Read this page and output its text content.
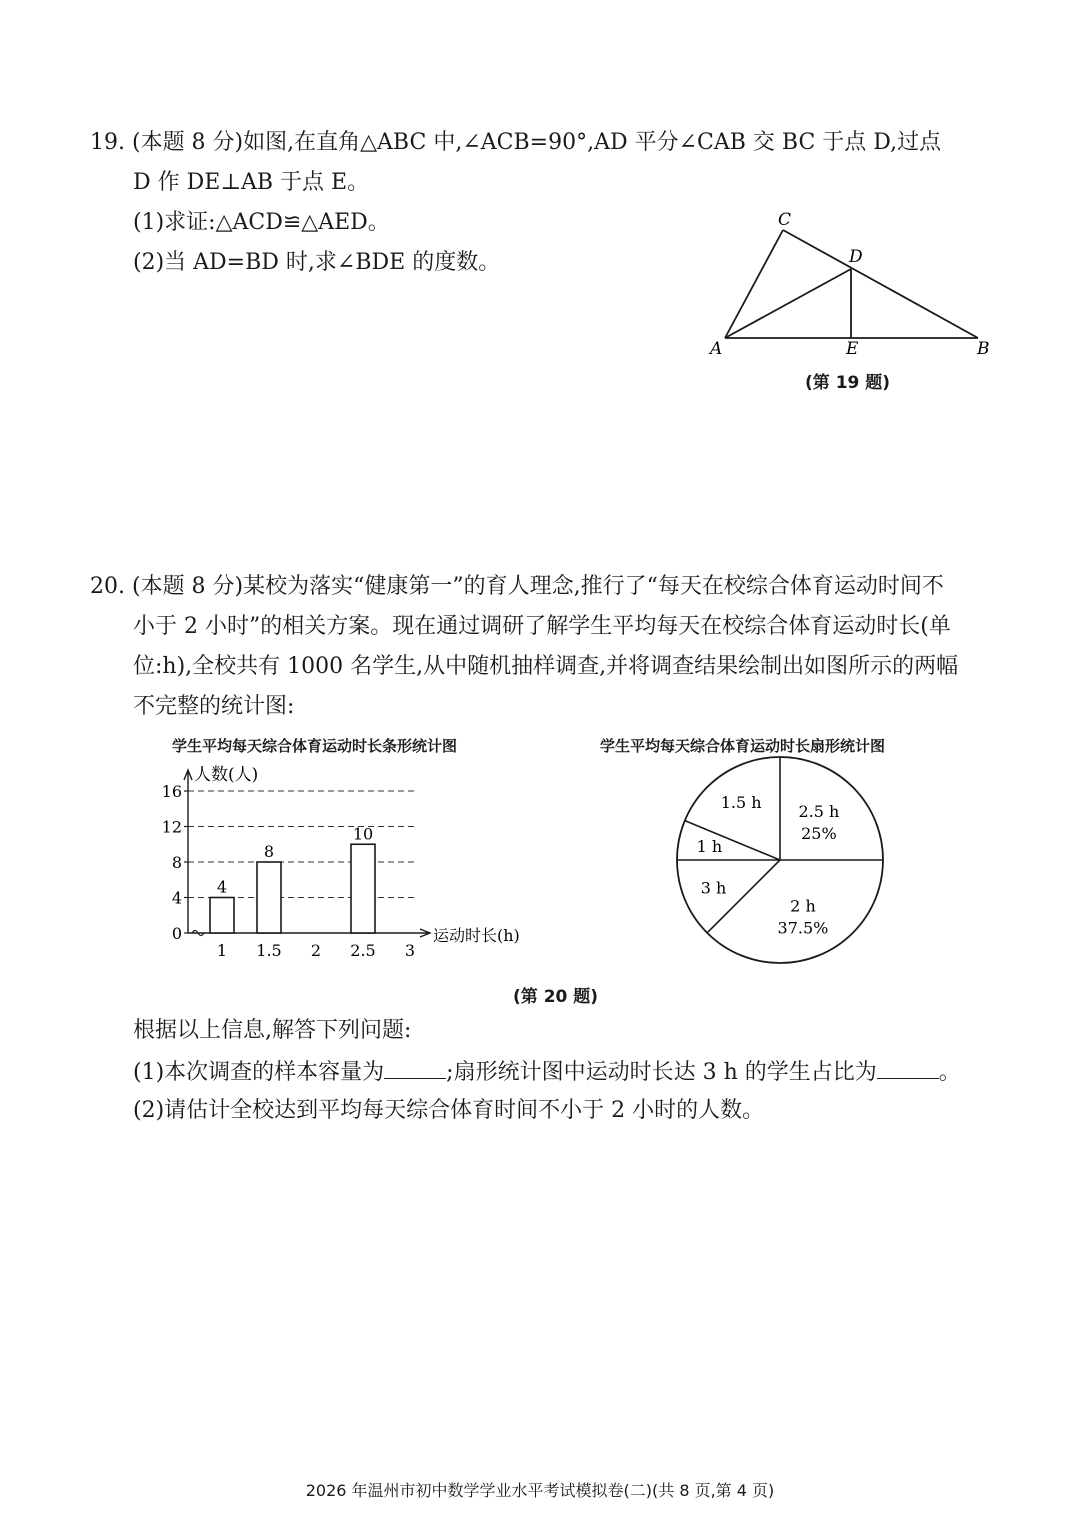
19. (本题 8 分)如图,在直角△ABC 中,∠ACB=90°,AD 平分∠CAB 交 BC 于点 D,过点
D 作 DE⊥AB 于点 E。
(1)求证:△ACD≌△AED。
(2)当 AD=BD 时,求∠BDE 的度数。
C
D
A	E	B
(第 19 题)
20. (本题 8 分)某校为落实“健康第一”的育人理念,推行了“每天在校综合体育运动时间不
小于 2 小时”的相关方案。现在通过调研了解学生平均每天在校综合体育运动时长(单
位:h),全校共有 1000 名学生,从中随机抽样调查,并将调查结果绘制出如图所示的两幅
不完整的统计图:
学生平均每天综合体育运动时长条形统计图
0
4
8
12
16
人数(人)
运动时长(h)
1
4
1.5
8
2 2.5
10
3
学生平均每天综合体育运动时长扇形统计图
2.5 h
25%
2 h
37.5%
3 h
1 h
1.5 h
(第 20 题)
根据以上信息,解答下列问题:
(1)本次调查的样本容量为	;扇形统计图中运动时长达 3 h 的学生占比为	。
(2)请估计全校达到平均每天综合体育时间不小于 2 小时的人数。
2026 年温州市初中数学学业水平考试模拟卷(二)(共 8 页,第 4 页)
